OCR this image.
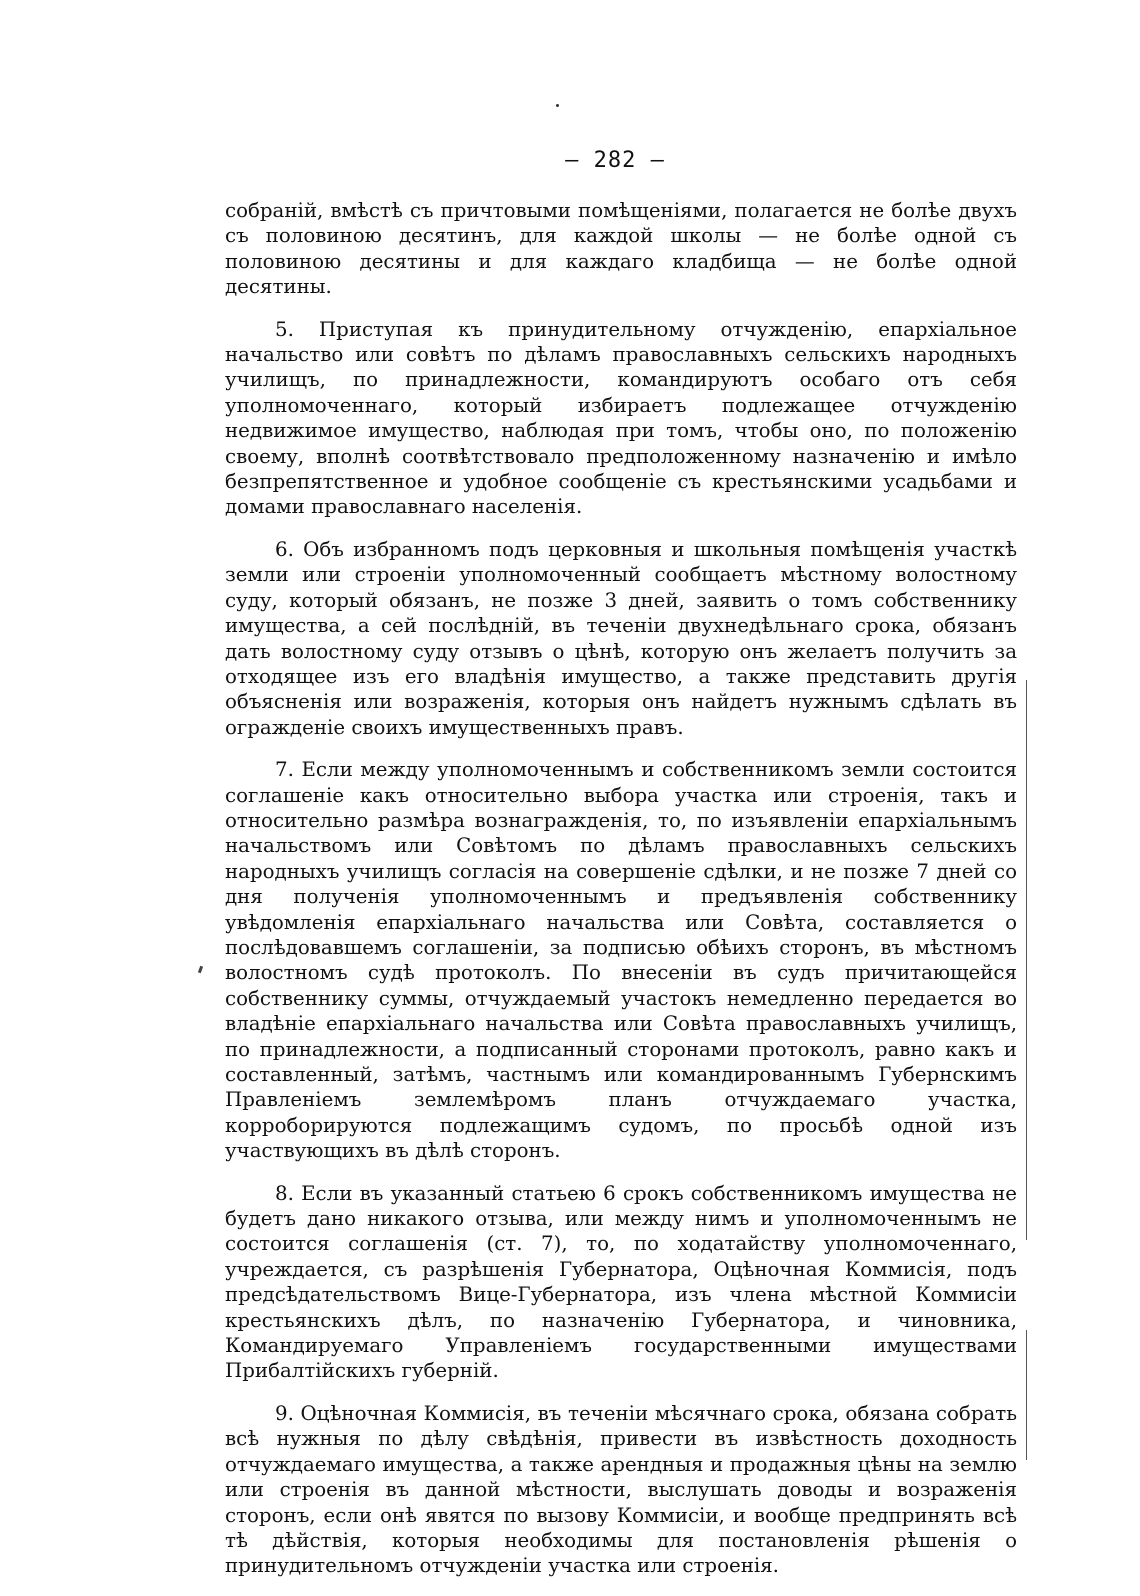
— 282 —

собраній, вмѣстѣ съ причтовыми помѣщеніями, полагается не болѣе двухъ съ половиною десятинъ, для каждой школы — не болѣе одной съ половиною десятины и для каждаго кладбища — не болѣе одной десятины.

5. Приступая къ принудительному отчужденію, епархіальное начальство или совѣтъ по дѣламъ православныхъ сельскихъ народныхъ училищъ, по принадлежности, командируютъ особаго отъ себя уполномоченнаго, который избираетъ подлежащее отчужденію недвижимое имущество, наблюдая при томъ, чтобы оно, по положенію своему, вполнѣ соотвѣтствовало предположенному назначенію и имѣло безпрепятственное и удобное сообщеніе съ крестьянскими усадьбами и домами православнаго населенія.

6. Объ избранномъ подъ церковныя и школьныя помѣщенія участкѣ земли или строеніи уполномоченный сообщаетъ мѣстному волостному суду, который обязанъ, не позже 3 дней, заявить о томъ собственнику имущества, а сей послѣдній, въ теченіи двухнедѣльнаго срока, обязанъ дать волостному суду отзывъ о цѣнѣ, которую онъ желаетъ получить за отходящее изъ его владѣнія имущество, а также представить другія объясненія или возраженія, которыя онъ найдетъ нужнымъ сдѣлать въ огражденіе своихъ имущественныхъ правъ.

7. Если между уполномоченнымъ и собственникомъ земли состоится соглашеніе какъ относительно выбора участка или строенія, такъ и относительно размѣра вознагражденія, то, по изъявленіи епархіальнымъ начальствомъ или Совѣтомъ по дѣламъ православныхъ сельскихъ народныхъ училищъ согласія на совершеніе сдѣлки, и не позже 7 дней со дня полученія уполномоченнымъ и предъявленія собственнику увѣдомленія епархіальнаго начальства или Совѣта, составляется о послѣдовавшемъ соглашеніи, за подписью обѣихъ сторонъ, въ мѣстномъ волостномъ судѣ протоколъ. По внесеніи въ судъ причитающейся собственнику суммы, отчуждаемый участокъ немедленно передается во владѣніе епархіальнаго начальства или Совѣта православныхъ училищъ, по принадлежности, а подписанный сторонами протоколъ, равно какъ и составленный, затѣмъ, частнымъ или командированнымъ Губернскимъ Правленіемъ землемѣромъ планъ отчуждаемаго участка, корроборируются подлежащимъ судомъ, по просьбѣ одной изъ участвующихъ въ дѣлѣ сторонъ.

8. Если въ указанный статьею 6 срокъ собственникомъ имущества не будетъ дано никакого отзыва, или между нимъ и уполномоченнымъ не состоится соглашенія (ст. 7), то, по ходатайству уполномоченнаго, учреждается, съ разрѣшенія Губернатора, Оцѣночная Коммисія, подъ предсѣдательствомъ Вице-Губернатора, изъ члена мѣстной Коммисіи крестьянскихъ дѣлъ, по назначенію Губернатора, и чиновника, Командируемаго Управленіемъ государственными имуществами Прибалтійскихъ губерній.

9. Оцѣночная Коммисія, въ теченіи мѣсячнаго срока, обязана собрать всѣ нужныя по дѣлу свѣдѣнія, привести въ извѣстность доходность отчуждаемаго имущества, а также арендныя и продажныя цѣны на землю или строенія въ данной мѣстности, выслушать доводы и возраженія сторонъ, если онѣ явятся по вызову Коммисіи, и вообще предпринять всѣ тѣ дѣйствія, которыя необходимы для постановленія рѣшенія о принудительномъ отчужденіи участка или строенія.
